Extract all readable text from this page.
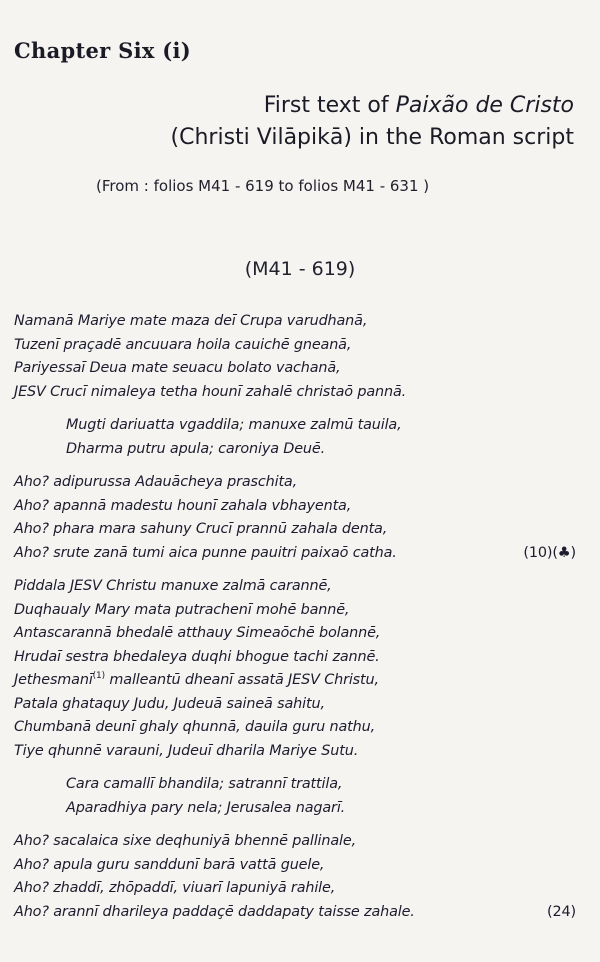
Chapter Six (i)
First text of Paixão de Cristo
(Christi Vilāpikā) in the Roman script
(From : folios M41 - 619 to folios M41 - 631 )
(M41 - 619)
Namanā Mariye mate maza deī Crupa varudhanā,
Tuzenī praçadē ancuuara hoila cauichē gneanā,
Pariyessaī Deua mate seuacu bolato vachanā,
JESV Crucī nimaleya tetha hounī zahalē christaō pannā.
Mugti dariuatta vgaddila; manuxe zalmū tauila,
Dharma putru apula; caroniya Deuē.
Aho? adipurussa Adauācheya praschita,
Aho? apannā madestu hounī zahala vbhayenta,
Aho? phara mara sahuny Crucī prannū zahala denta,
Aho? srute zanā tumi aica punne pauitri paixaō catha.	(10)(♣)
Piddala JESV Christu manuxe zalmā carannē,
Duqhaualy Mary mata putrachenī mohē bannē,
Antascarannā bhedalē atthauy Simeaōchē bolannē,
Hrudaī sestra bhedaleya duqhi bhogue tachi zannē.
Jethesmanī$^{(1)}$ malleantū dheanī assatā JESV Christu,
Patala ghataquy Judu, Judeuā saineā sahitu,
Chumbanā deunī ghaly qhunnā, dauila guru nathu,
Tiye qhunnē varauni, Judeuī dharila Mariye Sutu.
Cara camallī bhandila; satrannī trattila,
Aparadhiya pary nela; Jerusalea nagarī.
Aho? sacalaica sixe deqhuniyā bhennē pallinale,
Aho? apula guru sanddunī barā vattā guele,
Aho? zhaddī, zhōpaddī, viuarī lapuniyā rahile,
Aho? arannī dharileya paddaçē daddapaty taisse zahale.	(24)
